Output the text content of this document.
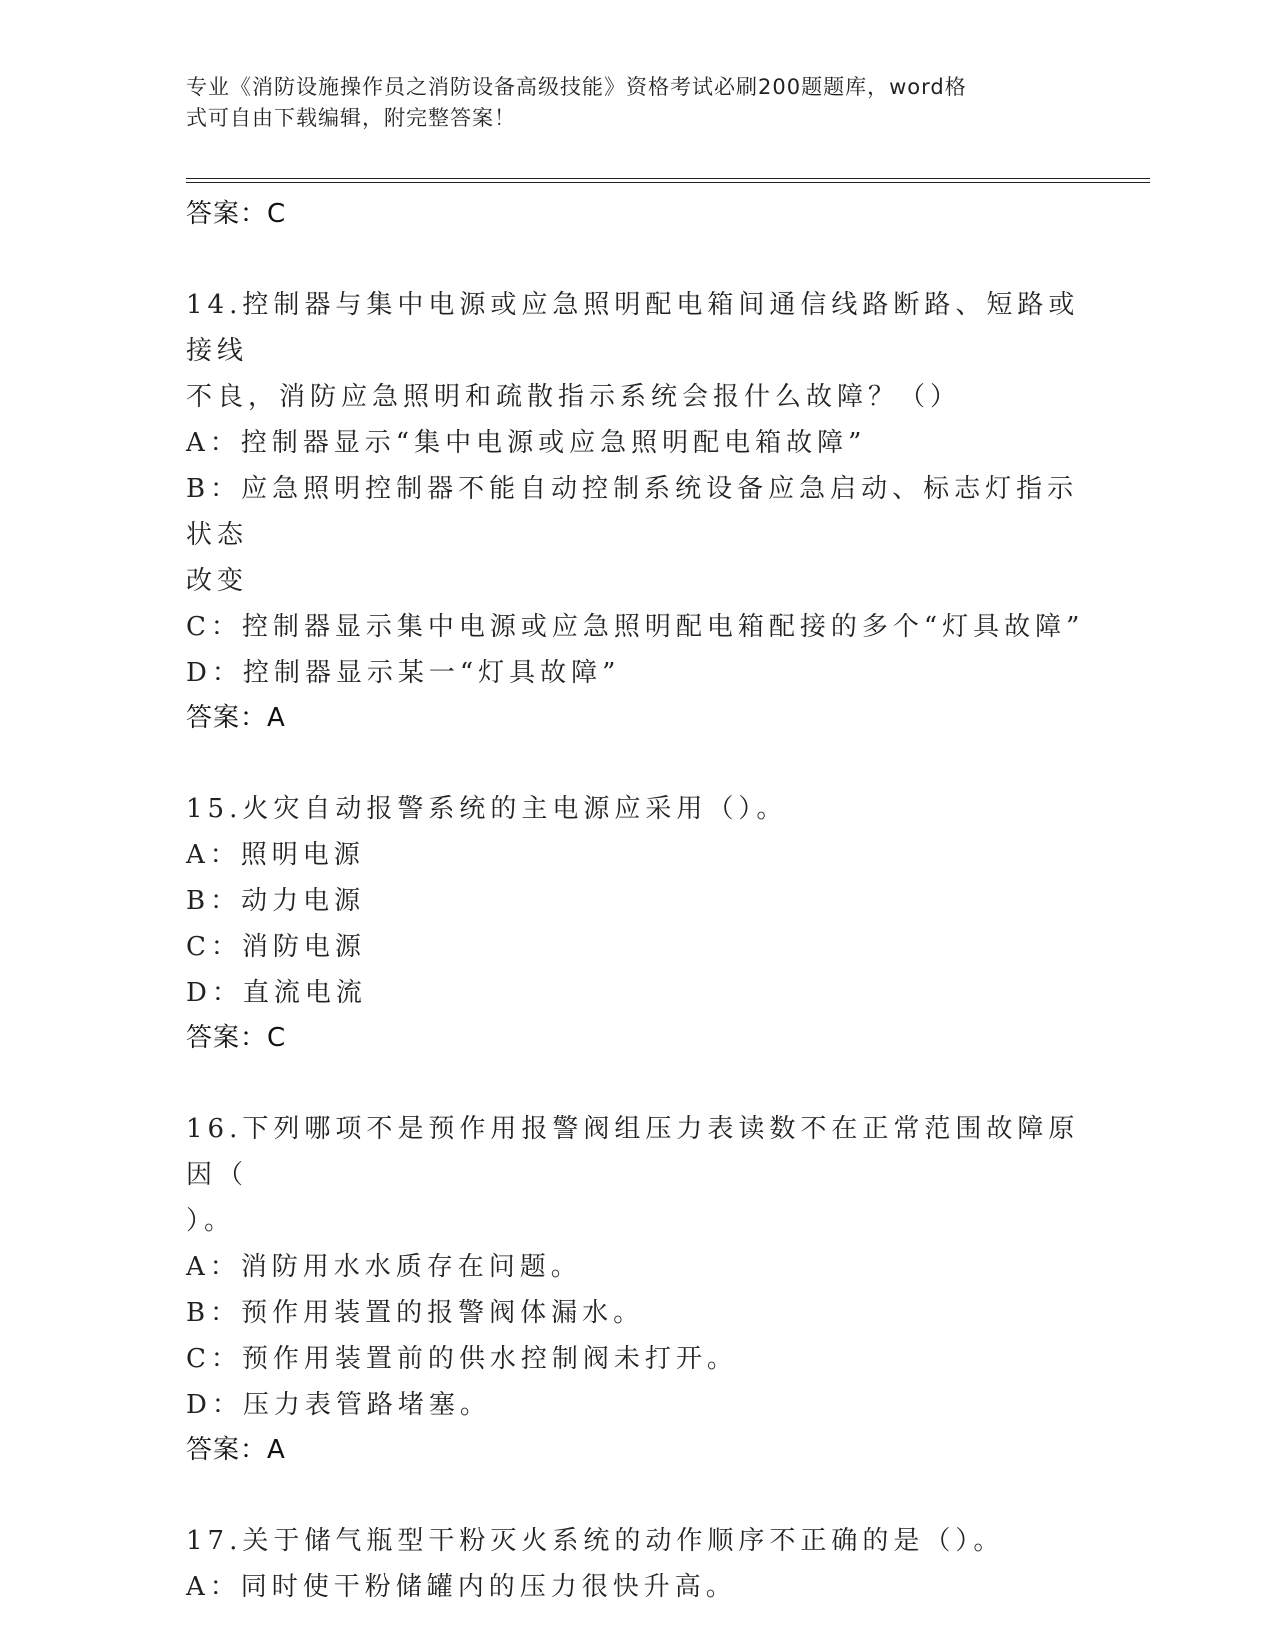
专业《消防设施操作员之消防设备高级技能》资格考试必刷200题题库，word格
式可自由下载编辑，附完整答案！
答案：C
14.控制器与集中电源或应急照明配电箱间通信线路断路、短路或接线
不良，消防应急照明和疏散指示系统会报什么故障？（）
A：控制器显示“集中电源或应急照明配电箱故障”
B：应急照明控制器不能自动控制系统设备应急启动、标志灯指示状态
改变
C：控制器显示集中电源或应急照明配电箱配接的多个“灯具故障”
D：控制器显示某一“灯具故障”
答案：A
15.火灾自动报警系统的主电源应采用（）。
A：照明电源
B：动力电源
C：消防电源
D：直流电流
答案：C
16.下列哪项不是预作用报警阀组压力表读数不在正常范围故障原因（
）。
A：消防用水水质存在问题。
B：预作用装置的报警阀体漏水。
C：预作用装置前的供水控制阀未打开。
D：压力表管路堵塞。
答案：A
17.关于储气瓶型干粉灭火系统的动作顺序不正确的是（）。
A：同时使干粉储罐内的压力很快升高。
